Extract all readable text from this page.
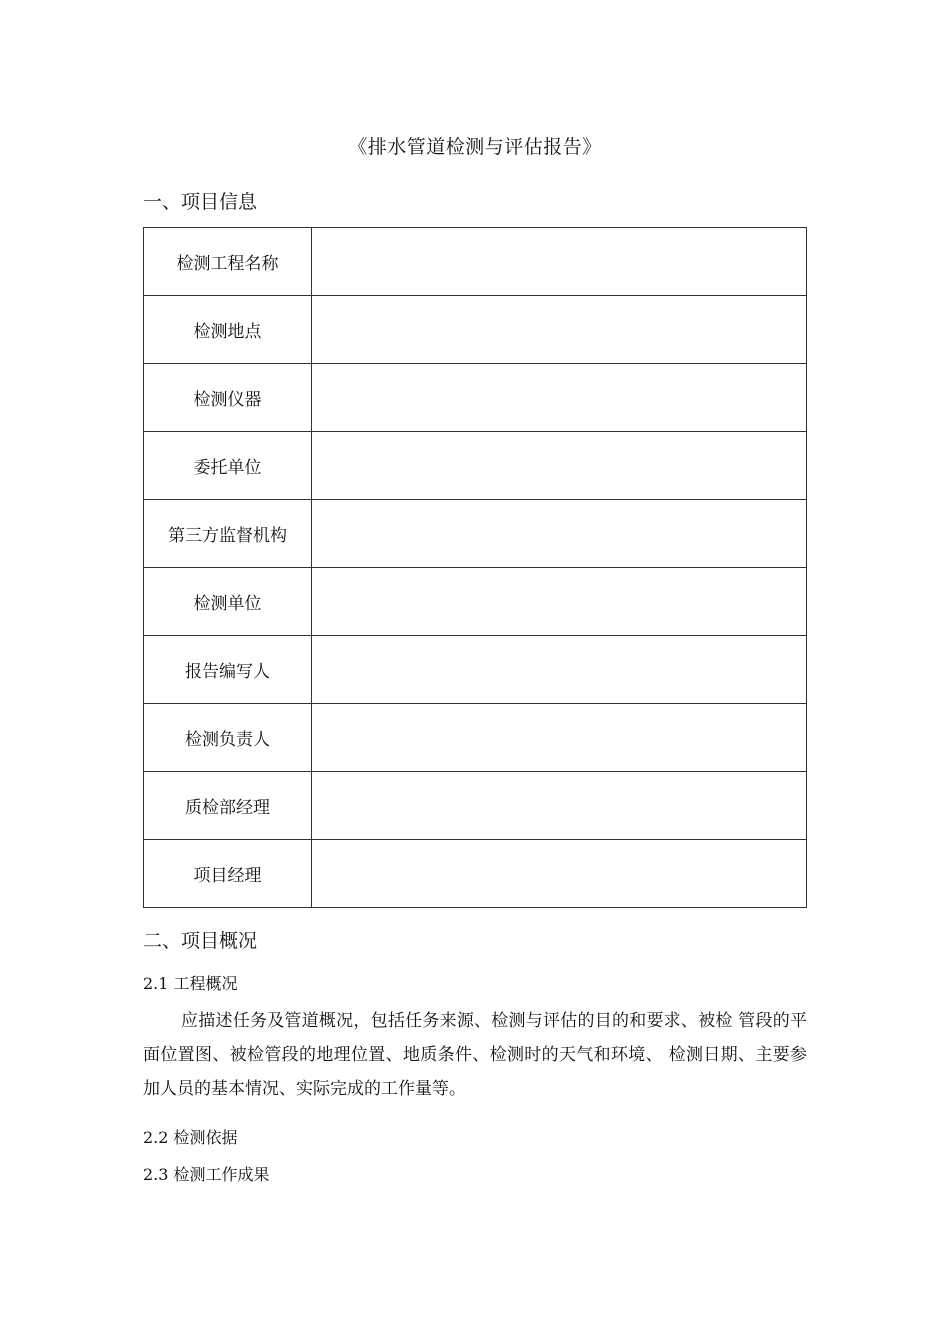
《排水管道检测与评估报告》
一、项目信息
检测工程名称	
检测地点	
检测仪器	
委托单位	
第三方监督机构	
检测单位	
报告编写人	
检测负责人	
质检部经理	
项目经理	
二、项目概况
2.1 工程概况
应描述任务及管道概况，包括任务来源、检测与评估的目的和要求、被检 管段的平面位置图、被检管段的地理位置、地质条件、检测时的天气和环境、 检测日期、主要参加人员的基本情况、实际完成的工作量等。
2.2 检测依据
2.3 检测工作成果
